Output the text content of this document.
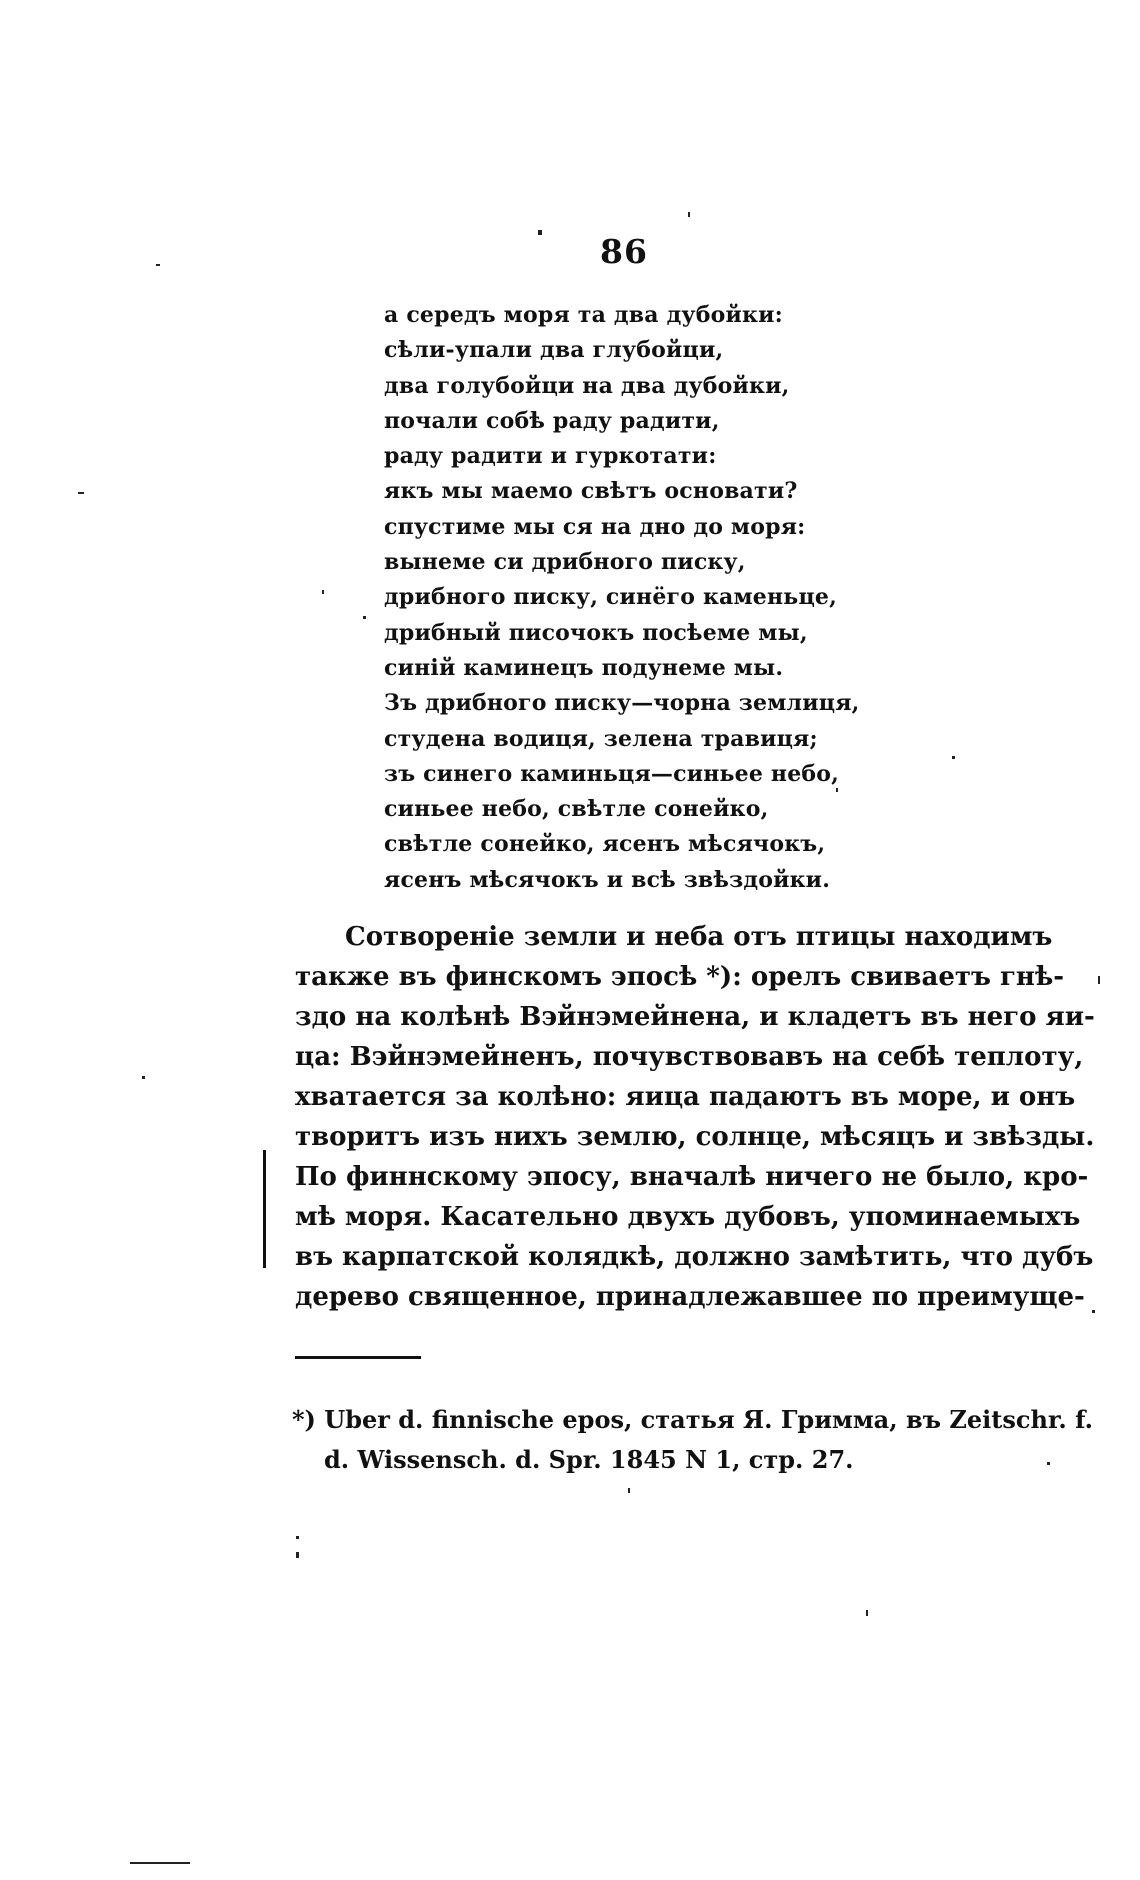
86
а середъ моря та два дубойки:
сѣли-упали два глубойци,
два голубойци на два дубойки,
почали собѣ раду радити,
раду радити и гуркотати:
якъ мы маемо свѣтъ основати?
спустиме мы ся на дно до моря:
вынеме си дрибного писку,
дрибного писку, синёго каменьце,
дрибный писочокъ посѣеме мы,
синій каминецъ подунеме мы.
Зъ дрибного писку—чорна землиця,
студена водиця, зелена травиця;
зъ синего каминьця—синьее небо,
синьее небо, свѣтле сонейко,
свѣтле сонейко, ясенъ мѣсячокъ,
ясенъ мѣсячокъ и всѣ звѣздойки.
Сотвореніе земли и неба отъ птицы находимъ
также въ финскомъ эпосѣ *): орелъ свиваетъ гнѣ-
здо на колѣнѣ Вэйнэмейнена, и кладетъ въ него яи-
ца: Вэйнэмейненъ, почувствовавъ на себѣ теплоту,
хватается за колѣно: яица падаютъ въ море, и онъ
творитъ изъ нихъ землю, солнце, мѣсяцъ и звѣзды.
По финнскому эпосу, вначалѣ ничего не было, кро-
мѣ моря. Касательно двухъ дубовъ, упоминаемыхъ
въ карпатской колядкѣ, должно замѣтить, что дубъ
дерево священное, принадлежавшее по преимуще-
*) Uber d. finnische epos, статья Я. Гримма, въ Zeitschr. f.
d. Wissensch. d. Spr. 1845 N 1, стр. 27.
